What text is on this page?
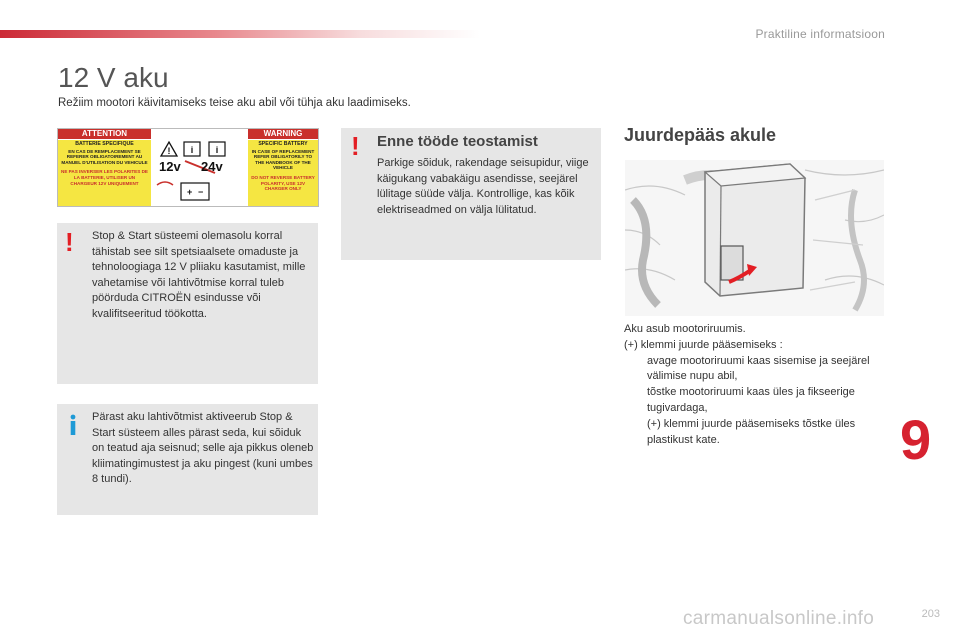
Praktiline informatsioon
12 V aku

Režiim mootori käivitamiseks teise aku abil või tühja aku laadimiseks.

ATTENTION	WARNING
BATTERIE SPECIFIQUE
EN CAS DE REMPLACEMENT SE REFERER OBLIGATOIREMENT AU MANUEL D'UTILISATION DU VEHICULE
NE PAS INVERSER LES POLARITES DE LA BATTERIE, UTILISER UN CHARGEUR 12V UNIQUEMENT
! i i
+ −
12v 24v
SPECIFIC BATTERY
IN CASE OF REPLACEMENT REFER OBLIGATORILY TO THE HANDBOOK OF THE VEHICLE
DO NOT REVERSE BATTERY POLARITY, USE 12V CHARGER ONLY
! Stop & Start süsteemi olemasolu korral tähistab see silt spetsiaalsete omaduste ja tehnoloogiaga 12 V pliiaku kasutamist, mille vahetamise või lahtivõtmise korral tuleb pöörduda CITROËN esindusse või kvalifitseeritud töökotta.

Pärast aku lahtivõtmist aktiveerub Stop & Start süsteem alles pärast seda, kui sõiduk on teatud aja seisnud; selle aja pikkus oleneb kliimatingimustest ja aku pingest (kuni umbes 8 tundi).

! Enne tööde teostamist

Parkige sõiduk, rakendage seisupidur, viige käigukang vabakäigu asendisse, seejärel lülitage süüde välja. Kontrollige, kas kõik elektriseadmed on välja lülitatud.

Juurdepääs akule

Aku asub mootoriruumis.

(+) klemmi juurde pääsemiseks :

avage mootoriruumi kaas sisemise ja seejärel välimise nupu abil,
tõstke mootoriruumi kaas üles ja fikseerige tugivardaga,
(+) klemmi juurde pääsemiseks tõstke üles plastikust kate.	9
carmanualsonline.info	203
